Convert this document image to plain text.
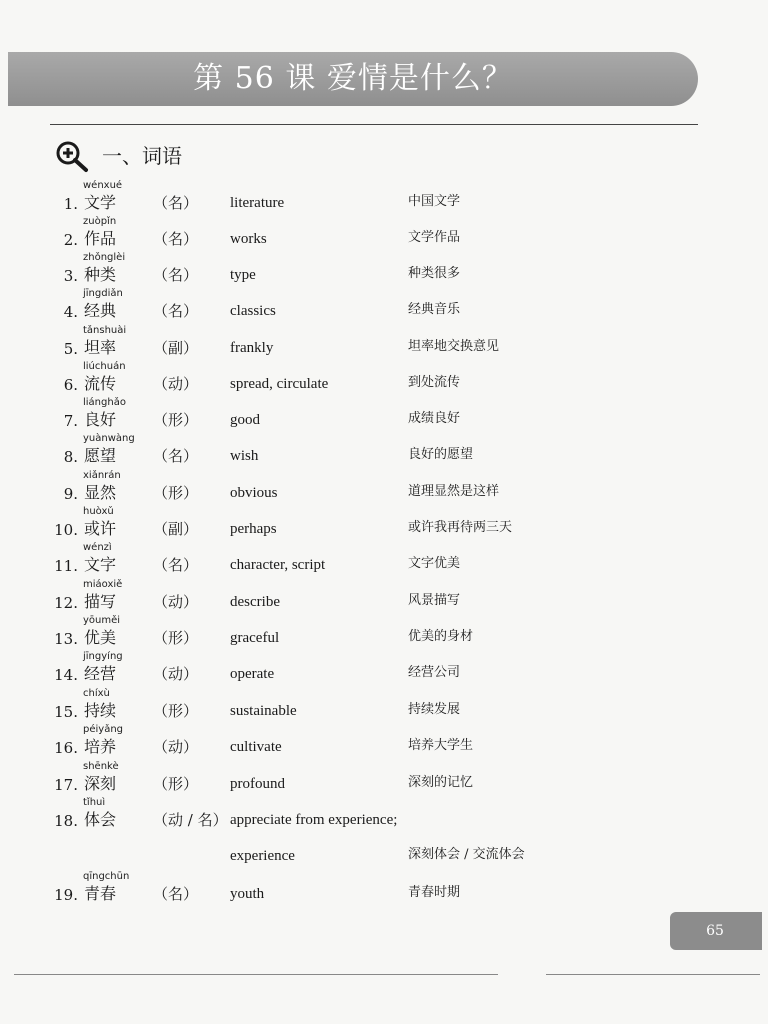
第 56 课 爱情是什么？
一、词语
1.
wénxué
文学 （名） literature	中国文学
2.
zuòpǐn
作品 （名） works	文学作品
3.
zhǒnglèi
种类 （名） type	种类很多
4.
jīngdiǎn
经典 （名） classics	经典音乐
5.
tǎnshuài
坦率 （副） frankly	坦率地交换意见
6.
liúchuán
流传 （动） spread, circulate	到处流传
7.
liánghǎo
良好 （形） good	成绩良好
8.
yuànwàng
愿望 （名） wish	良好的愿望
9.
xiǎnrán
显然 （形） obvious	道理显然是这样
10.
huòxǔ
或许 （副） perhaps	或许我再待两三天
11.
wénzì
文字 （名） character, script	文字优美
12.
miáoxiě
描写 （动） describe	风景描写
13.
yōuměi
优美 （形） graceful	优美的身材
14.
jīngyíng
经营 （动） operate	经营公司
15.
chíxù
持续 （形） sustainable	持续发展
16.
péiyǎng
培养 （动） cultivate	培养大学生
17.
shēnkè
深刻 （形） profound	深刻的记忆
18.
tǐhuì
体会 （动 / 名） appreciate from experience;
experience	深刻体会 / 交流体会
19.
qīngchūn
青春 （名） youth	青春时期
65
